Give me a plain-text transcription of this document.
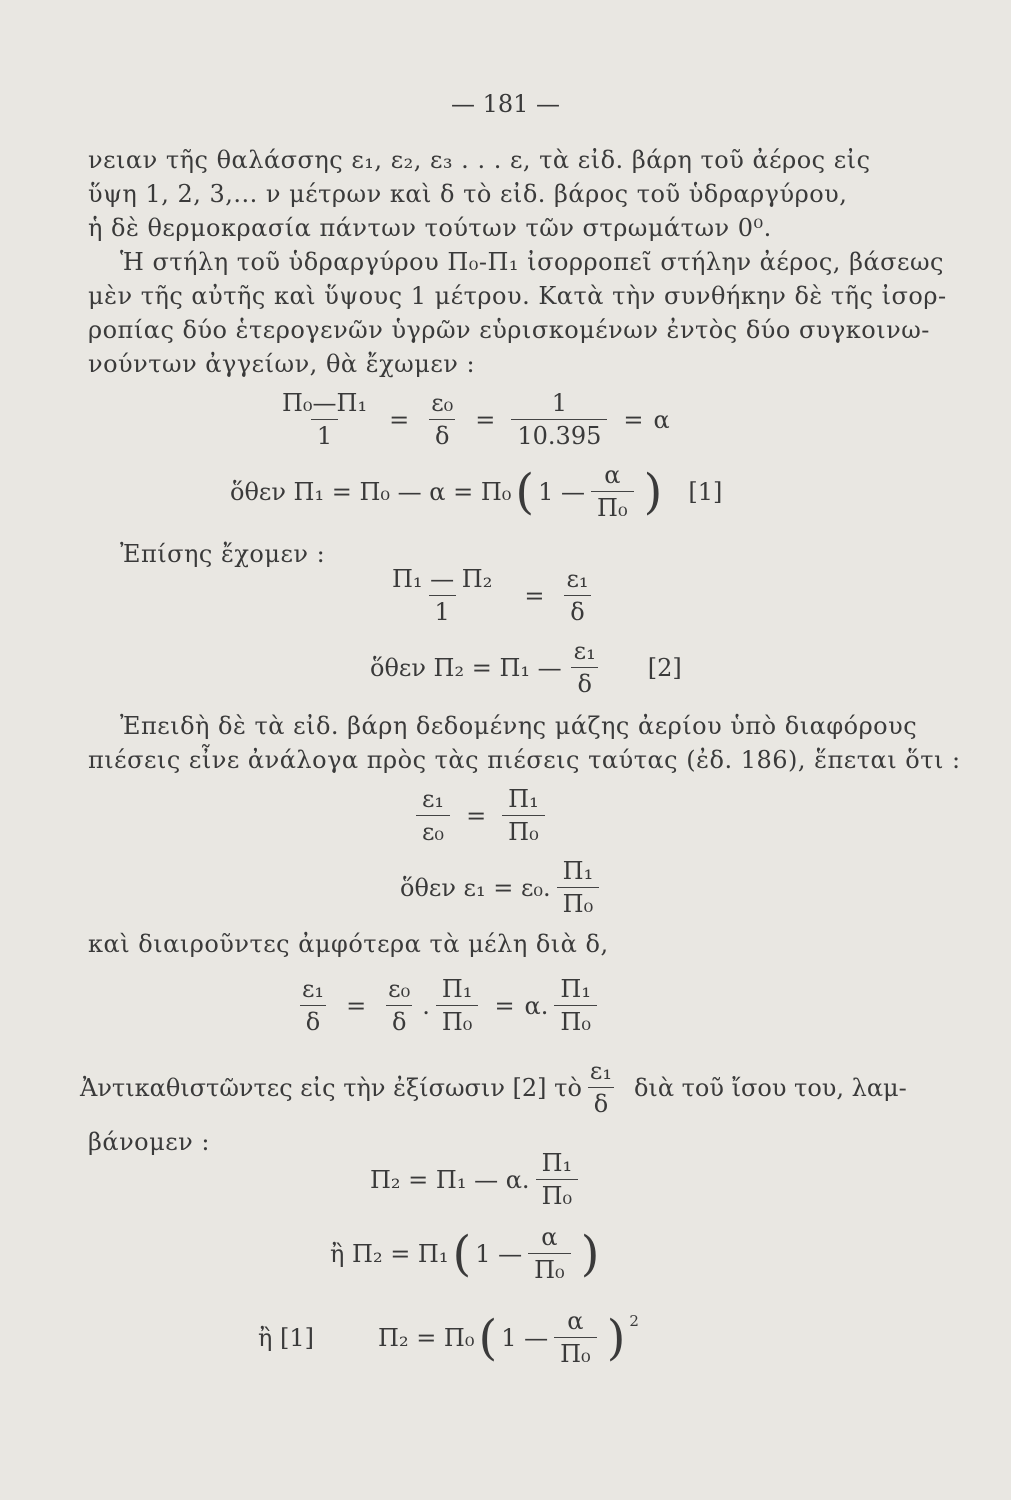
— 181 —
νειαν τῆς θαλάσσης ε₁, ε₂, ε₃ . . . ε, τὰ εἰδ. βάρη τοῦ ἀέρος εἰς
ὕψη 1, 2, 3,... ν μέτρων καὶ δ τὸ εἰδ. βάρος τοῦ ὑδραργύρου,
ἡ δὲ θερμοκρασία πάντων τούτων τῶν στρωμάτων 0⁰.
Ἡ στήλη τοῦ ὑδραργύρου Π₀-Π₁ ἰσορροπεῖ στήλην ἀέρος, βάσεως
μὲν τῆς αὐτῆς καὶ ὕψους 1 μέτρου. Κατὰ τὴν συνθήκην δὲ τῆς ἰσορ-
ροπίας δύο ἑτερογενῶν ὑγρῶν εὑρισκομένων ἐντὸς δύο συγκοινω-
νούντων ἀγγείων, θὰ ἔχωμεν :
$\frac{\text{Π₀—Π₁}}{1} = \frac{\text{ε₀}}{\delta} = \frac{1}{10.395} = \alpha$
ὅθεν Π₁ = Π₀ — α = Π₀ ( 1 — $\frac{\alpha}{\text{Π₀}}$ ) [1]
Ἐπίσης ἔχομεν :
$\frac{\text{Π₁ — Π₂}}{1} = \frac{\text{ε₁}}{\delta}$
ὅθεν Π₂ = Π₁ — $\frac{\text{ε₁}}{\delta} [2]$
Ἐπειδὴ δὲ τὰ εἰδ. βάρη δεδομένης μάζης ἀερίου ὑπὸ διαφόρους
πιέσεις εἶνε ἀνάλογα πρὸς τὰς πιέσεις ταύτας (ἐδ. 186), ἕπεται ὅτι :
$\frac{\text{ε₁}}{\text{ε₀}} = \frac{\text{Π₁}}{\text{Π₀}}$
ὅθεν ε₁ = ε₀. $\frac{\text{Π₁}}{\text{Π₀}}$
καὶ διαιροῦντες ἀμφότερα τὰ μέλη διὰ δ,
$\frac{\text{ε₁}}{\delta} = \frac{\text{ε₀}}{\delta}$ . $\frac{\text{Π₁}}{\text{Π₀}} = \alpha$. $\frac{\text{Π₁}}{\text{Π₀}}$
Ἀντικαθιστῶντες εἰς τὴν ἐξίσωσιν [2] τὸ $\frac{\text{ε₁}}{\delta}$ διὰ τοῦ ἴσου του, λαμ-
βάνομεν :
Π₂ = Π₁ — α. $\frac{\text{Π₁}}{\text{Π₀}}$
ἢ Π₂ = Π₁ ( 1 — $\frac{\alpha}{\text{Π₀}}$ )
ἢ [1]	Π₂ = Π₀ ( 1 — $\frac{\alpha}{\text{Π₀}}$ ) 2
